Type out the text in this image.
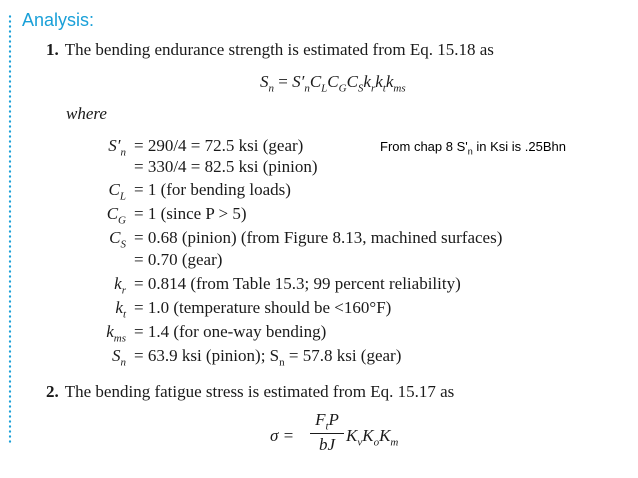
Analysis:
1. The bending endurance strength is estimated from Eq. 15.18 as
$S_n = S'_nC_LC_GC_Sk_rk_tk_{ms}$
where
From chap 8 $S'_n$ in Ksi is .25Bhn
$S'_n = 290/4 = 72.5$ ksi (gear)
= 330/4 = 82.5 ksi (pinion)
$C_L = 1$ (for bending loads)
$C_G = 1$ (since P > 5)
$C_S = 0.68$ (pinion) (from Figure 8.13, machined surfaces)
= 0.70 (gear)
$k_r = 0.814$ (from Table 15.3; 99 percent reliability)
$k_t = 1.0$ (temperature should be <160°F)
$k_{ms} = 1.4$ (for one-way bending)
$S_n = 63.9$ ksi (pinion); $S_n = 57.8$ ksi (gear)
2. The bending fatigue stress is estimated from Eq. 15.17 as
σ =
$F_tP$
bJ $K_vK_oK_m$
